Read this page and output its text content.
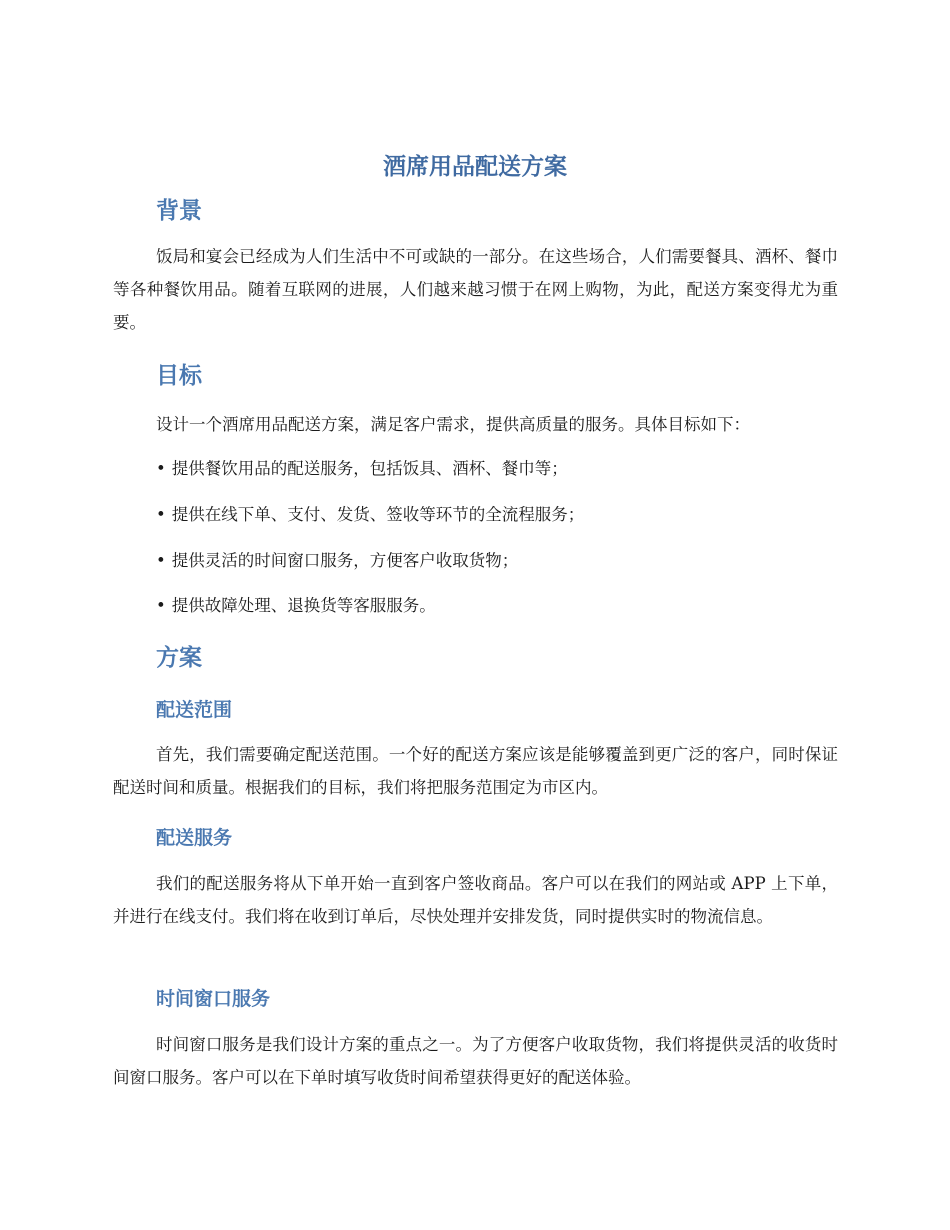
酒席用品配送方案
背景

饭局和宴会已经成为人们生活中不可或缺的一部分。在这些场合，人们需要餐具、酒杯、餐巾等各种餐饮用品。随着互联网的进展，人们越来越习惯于在网上购物，为此，配送方案变得尤为重要。

目标

设计一个酒席用品配送方案，满足客户需求，提供高质量的服务。具体目标如下：

• 提供餐饮用品的配送服务，包括饭具、酒杯、餐巾等；
• 提供在线下单、支付、发货、签收等环节的全流程服务；
• 提供灵活的时间窗口服务，方便客户收取货物；
• 提供故障处理、退换货等客服服务。
方案
配送范围

首先，我们需要确定配送范围。一个好的配送方案应该是能够覆盖到更广泛的客户，同时保证配送时间和质量。根据我们的目标，我们将把服务范围定为市区内。

配送服务

我们的配送服务将从下单开始一直到客户签收商品。客户可以在我们的网站或 APP 上下单，并进行在线支付。我们将在收到订单后，尽快处理并安排发货，同时提供实时的物流信息。

时间窗口服务

时间窗口服务是我们设计方案的重点之一。为了方便客户收取货物，我们将提供灵活的收货时间窗口服务。客户可以在下单时填写收货时间希望获得更好的配送体验。
